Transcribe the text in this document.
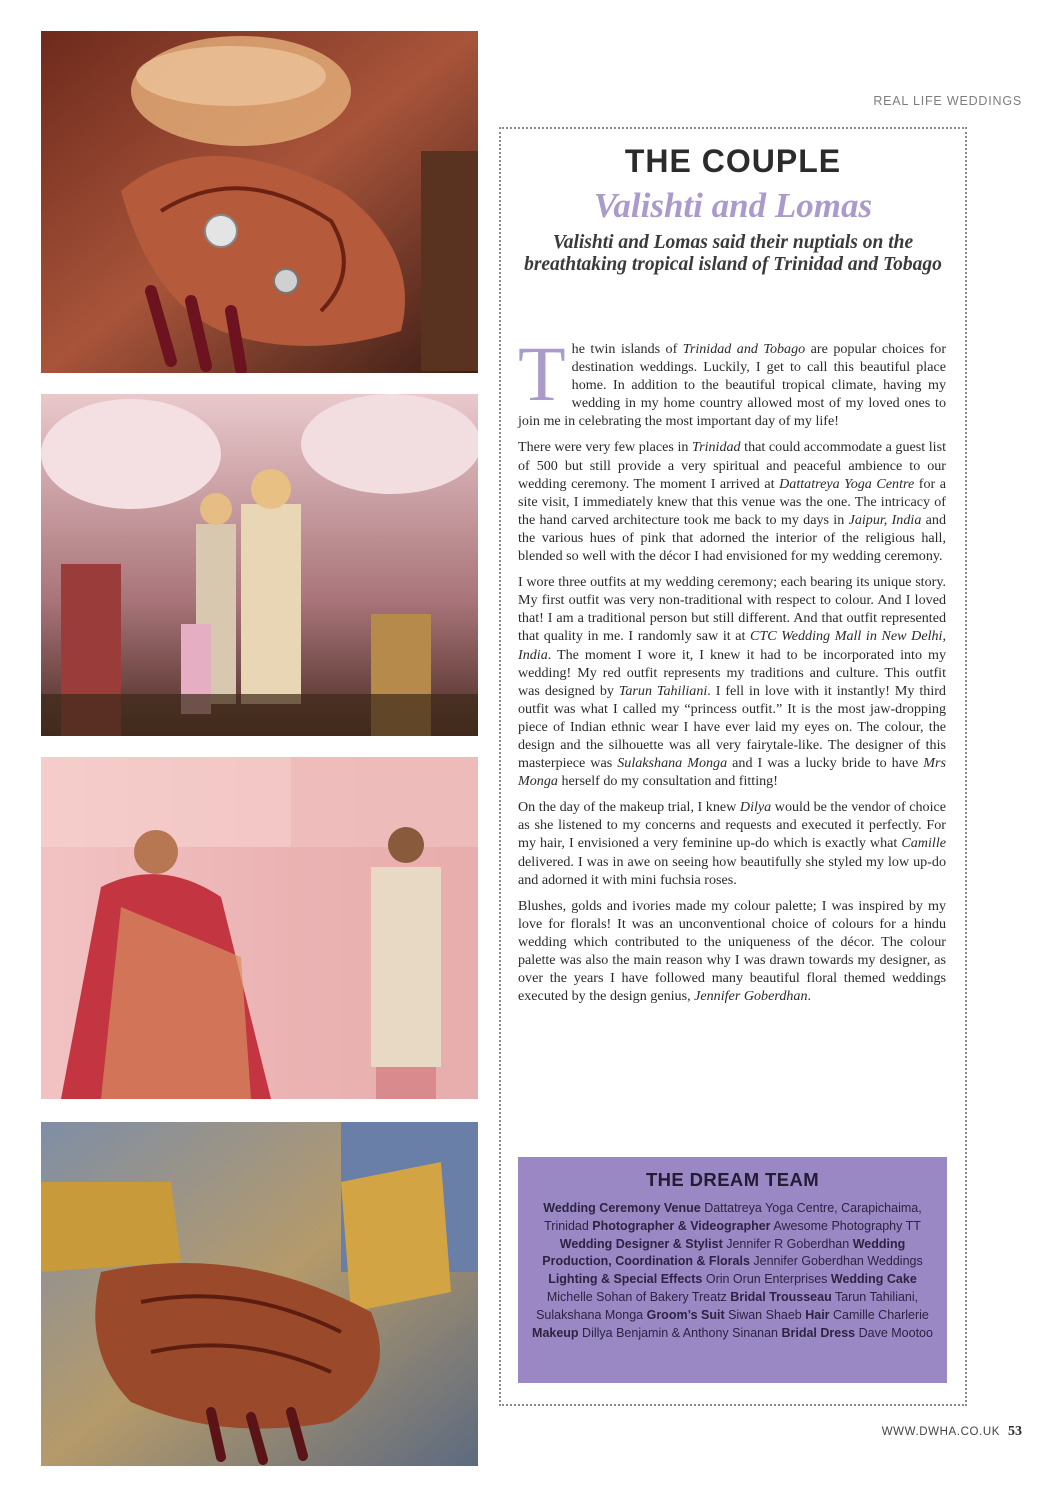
REAL LIFE WEDDINGS
THE COUPLE
Valishti and Lomas
Valishti and Lomas said their nuptials on the breathtaking tropical island of Trinidad and Tobago

The twin islands of Trinidad and Tobago are popular choices for destination weddings. Luckily, I get to call this beautiful place home. In addition to the beautiful tropical climate, having my wedding in my home country allowed most of my loved ones to join me in celebrating the most important day of my life!

There were very few places in Trinidad that could accommodate a guest list of 500 but still provide a very spiritual and peaceful ambience to our wedding ceremony. The moment I arrived at Dattatreya Yoga Centre for a site visit, I immediately knew that this venue was the one. The intricacy of the hand carved architecture took me back to my days in Jaipur, India and the various hues of pink that adorned the interior of the religious hall, blended so well with the décor I had envisioned for my wedding ceremony.

I wore three outfits at my wedding ceremony; each bearing its unique story. My first outfit was very non-traditional with respect to colour. And I loved that! I am a traditional person but still different. And that outfit represented that quality in me. I randomly saw it at CTC Wedding Mall in New Delhi, India. The moment I wore it, I knew it had to be incorporated into my wedding! My red outfit represents my traditions and culture. This outfit was designed by Tarun Tahiliani. I fell in love with it instantly! My third outfit was what I called my “princess outfit.” It is the most jaw-dropping piece of Indian ethnic wear I have ever laid my eyes on. The colour, the design and the silhouette was all very fairytale-like. The designer of this masterpiece was Sulakshana Monga and I was a lucky bride to have Mrs Monga herself do my consultation and fitting!

On the day of the makeup trial, I knew Dilya would be the vendor of choice as she listened to my concerns and requests and executed it perfectly. For my hair, I envisioned a very feminine up-do which is exactly what Camille delivered. I was in awe on seeing how beautifully she styled my low up-do and adorned it with mini fuchsia roses.

Blushes, golds and ivories made my colour palette; I was inspired by my love for florals! It was an unconventional choice of colours for a hindu wedding which contributed to the uniqueness of the décor. The colour palette was also the main reason why I was drawn towards my designer, as over the years I have followed many beautiful floral themed weddings executed by the design genius, Jennifer Goberdhan.

THE DREAM TEAM
Wedding Ceremony Venue Dattatreya Yoga Centre, Carapichaima, Trinidad Photographer & Videographer Awesome Photography TT Wedding Designer & Stylist Jennifer R Goberdhan Wedding Production, Coordination & Florals Jennifer Goberdhan Weddings Lighting & Special Effects Orin Orun Enterprises Wedding Cake Michelle Sohan of Bakery Treatz Bridal Trousseau Tarun Tahiliani, Sulakshana Monga Groom’s Suit Siwan Shaeb Hair Camille Charlerie Makeup Dillya Benjamin & Anthony Sinanan Bridal Dress Dave Mootoo
WWW.DWHA.CO.UK 53
